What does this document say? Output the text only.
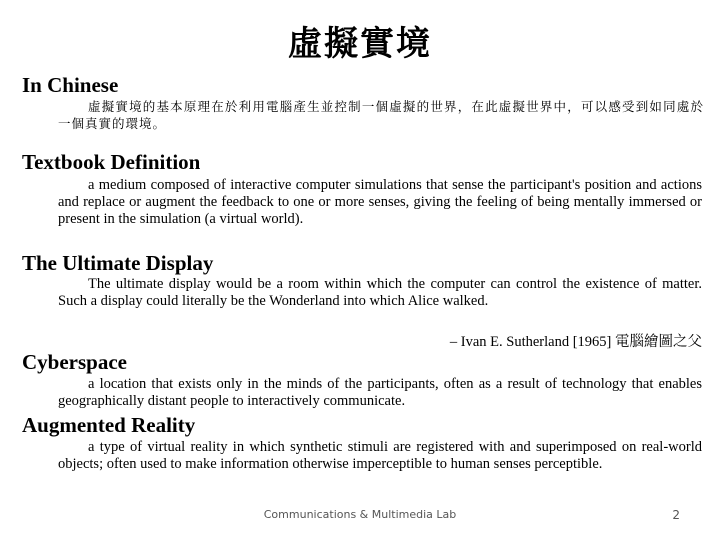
虛擬實境
In Chinese
虛擬實境的基本原理在於利用電腦產生並控制一個虛擬的世界，在此虛擬世界中，可以感受到如同處於一個真實的環境。
Textbook Definition
a medium composed of interactive computer simulations that sense the participant's position and actions and replace or augment the feedback to one or more senses, giving the feeling of being mentally immersed or present in the simulation (a virtual world).
The Ultimate Display
The ultimate display would be a room within which the computer can control the existence of matter. Such a display could literally be the Wonderland into which Alice walked.
– Ivan E. Sutherland [1965] 電腦繪圖之父
Cyberspace
a location that exists only in the minds of the participants, often as a result of technology that enables geographically distant people to interactively communicate.
Augmented Reality
a type of virtual reality in which synthetic stimuli are registered with and superimposed on real-world objects; often used to make information otherwise imperceptible to human senses perceptible.
Communications & Multimedia Lab	2
